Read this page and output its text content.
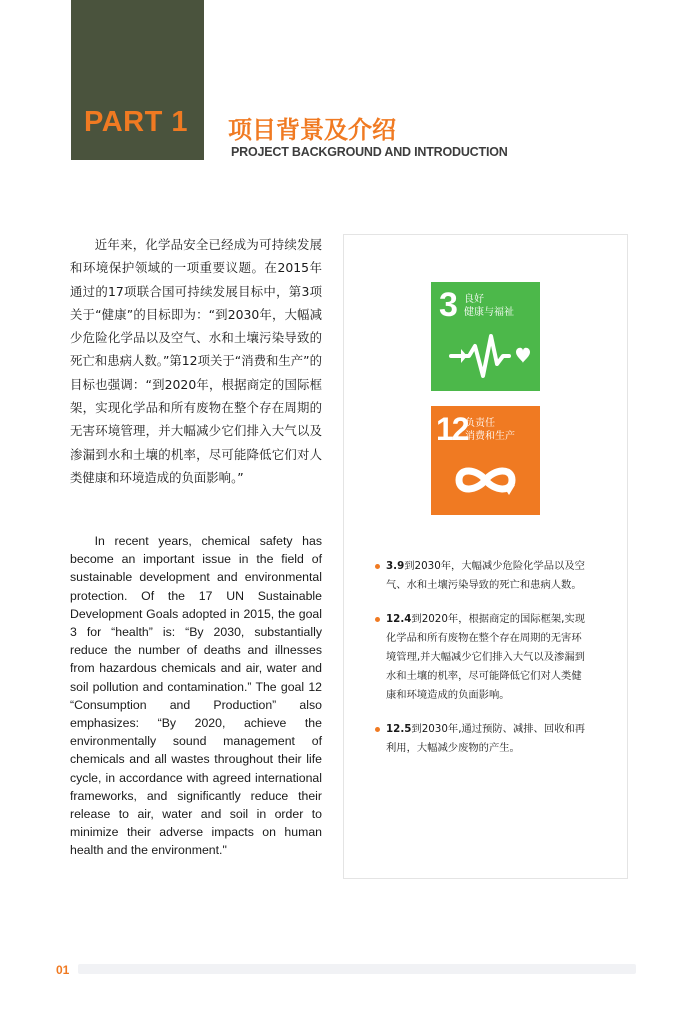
PART 1 项目背景及介绍
PROJECT BACKGROUND AND INTRODUCTION

近年来，化学品安全已经成为可持续发展和环境保护领域的一项重要议题。在2015年通过的17项联合国可持续发展目标中，第3项关于“健康”的目标即为：“到2030年，大幅减少危险化学品以及空气、水和土壤污染导致的死亡和患病人数。”第12项关于“消费和生产”的目标也强调：“到2020年，根据商定的国际框架，实现化学品和所有废物在整个存在周期的无害环境管理，并大幅减少它们排入大气以及渗漏到水和土壤的机率，尽可能降低它们对人类健康和环境造成的负面影响。”

In recent years, chemical safety has become an important issue in the field of sustainable development and environmental protection. Of the 17 UN Sustainable Development Goals adopted in 2015, the goal 3 for “health” is: “By 2030, substantially reduce the number of deaths and illnesses from hazardous chemicals and air, water and soil pollution and contamination.” The goal 12 “Consumption and Production” also emphasizes: “By 2020, achieve the environmentally sound management of chemicals and all wastes throughout their life cycle, in accordance with agreed international frameworks, and significantly reduce their release to air, water and soil in order to minimize their adverse impacts on human health and the environment."

3 良好
健康与福祉
12
负责任
消费和生产
3.9到2030年，大幅减少危险化学品以及空气、水和土壤污染导致的死亡和患病人数。
12.4到2020年，根据商定的国际框架,实现化学品和所有废物在整个存在周期的无害环境管理,并大幅减少它们排入大气以及渗漏到水和土壤的机率，尽可能降低它们对人类健康和环境造成的负面影响。
12.5到2030年,通过预防、减排、回收和再利用，大幅减少废物的产生。
01
